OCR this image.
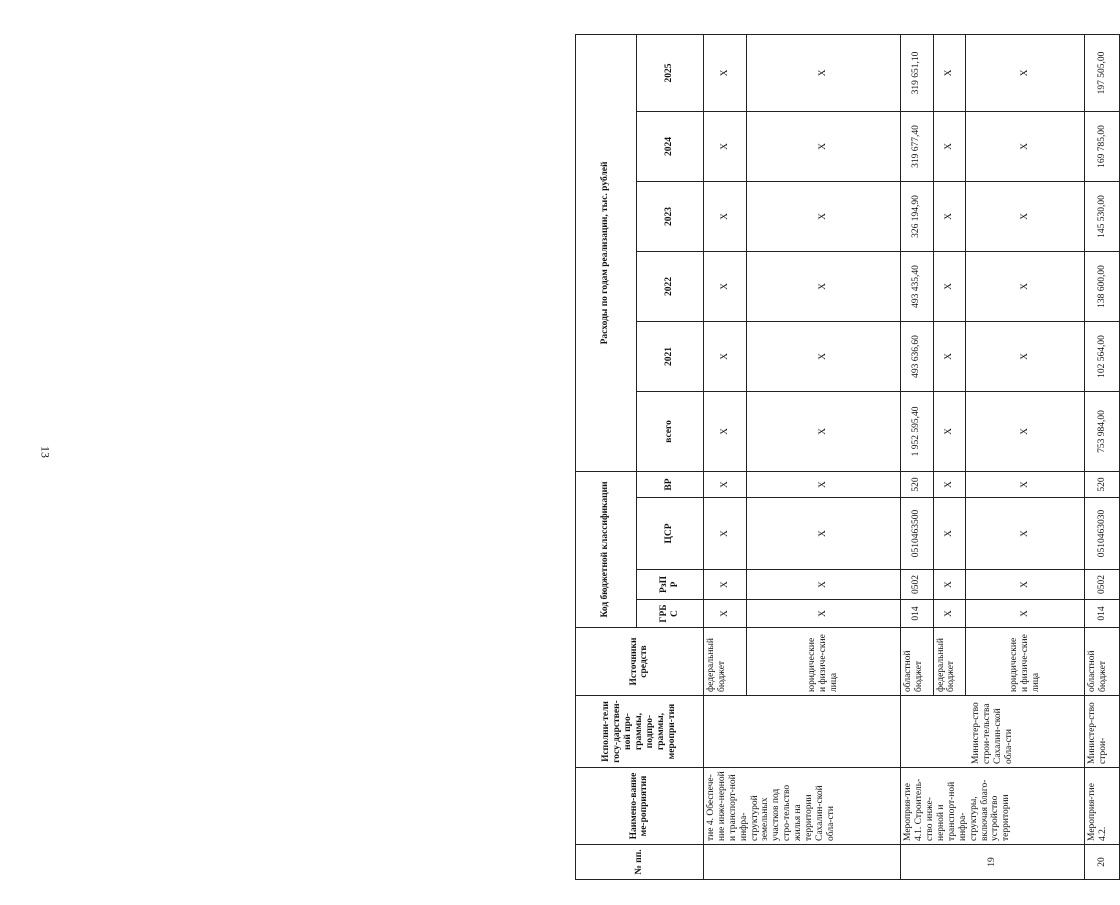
13
№ пп.	Наимено-вание ме-роприятия	Исполни-тели госу-дарствен-ной про-граммы, подпро-граммы, меропри-тия	Источники средств	Код бюджетной классификации				Расходы по годам реализации, тыс. рублей					
				ГРБ С	РзП Р	ЦСР	ВР	всего	2021	2022	2023	2024	2025
	тие 4. Обеспече-ние инже-нерной и транспорт-ной инфра-структурой земельных участков под стро-тельство жилья на территории Сахалин-ской обла-сти		федеральный бюджет	X	X	X	X	X	X	X	X	X	X
			юридические и физиче-ские лица	X	X	X	X	X	X	X	X	X	X
19	Мероприя-тие 4.1. Строитель-ство инже-нерной и транспорт-ной инфра-структуры, включая благо-устройство территории	Министер-ство строи-тельства Сахалин-ской обла-сти	областной бюджет	014	0502	0510463500	520	1 952 595,40	493 636,60	493 435,40	326 194,90	319 677,40	319 651,10
			федеральный бюджет	X	X	X	X	X	X	X	X	X	X
			юридические и физиче-ские лица	X	X	X	X	X	X	X	X	X	X
20	Мероприя-тие 4.2.	Министер-ство строи-	областной бюджет	014	0502	0510463030	520	753 984,00	102 564,00	138 600,00	145 530,00	169 785,00	197 505,00
